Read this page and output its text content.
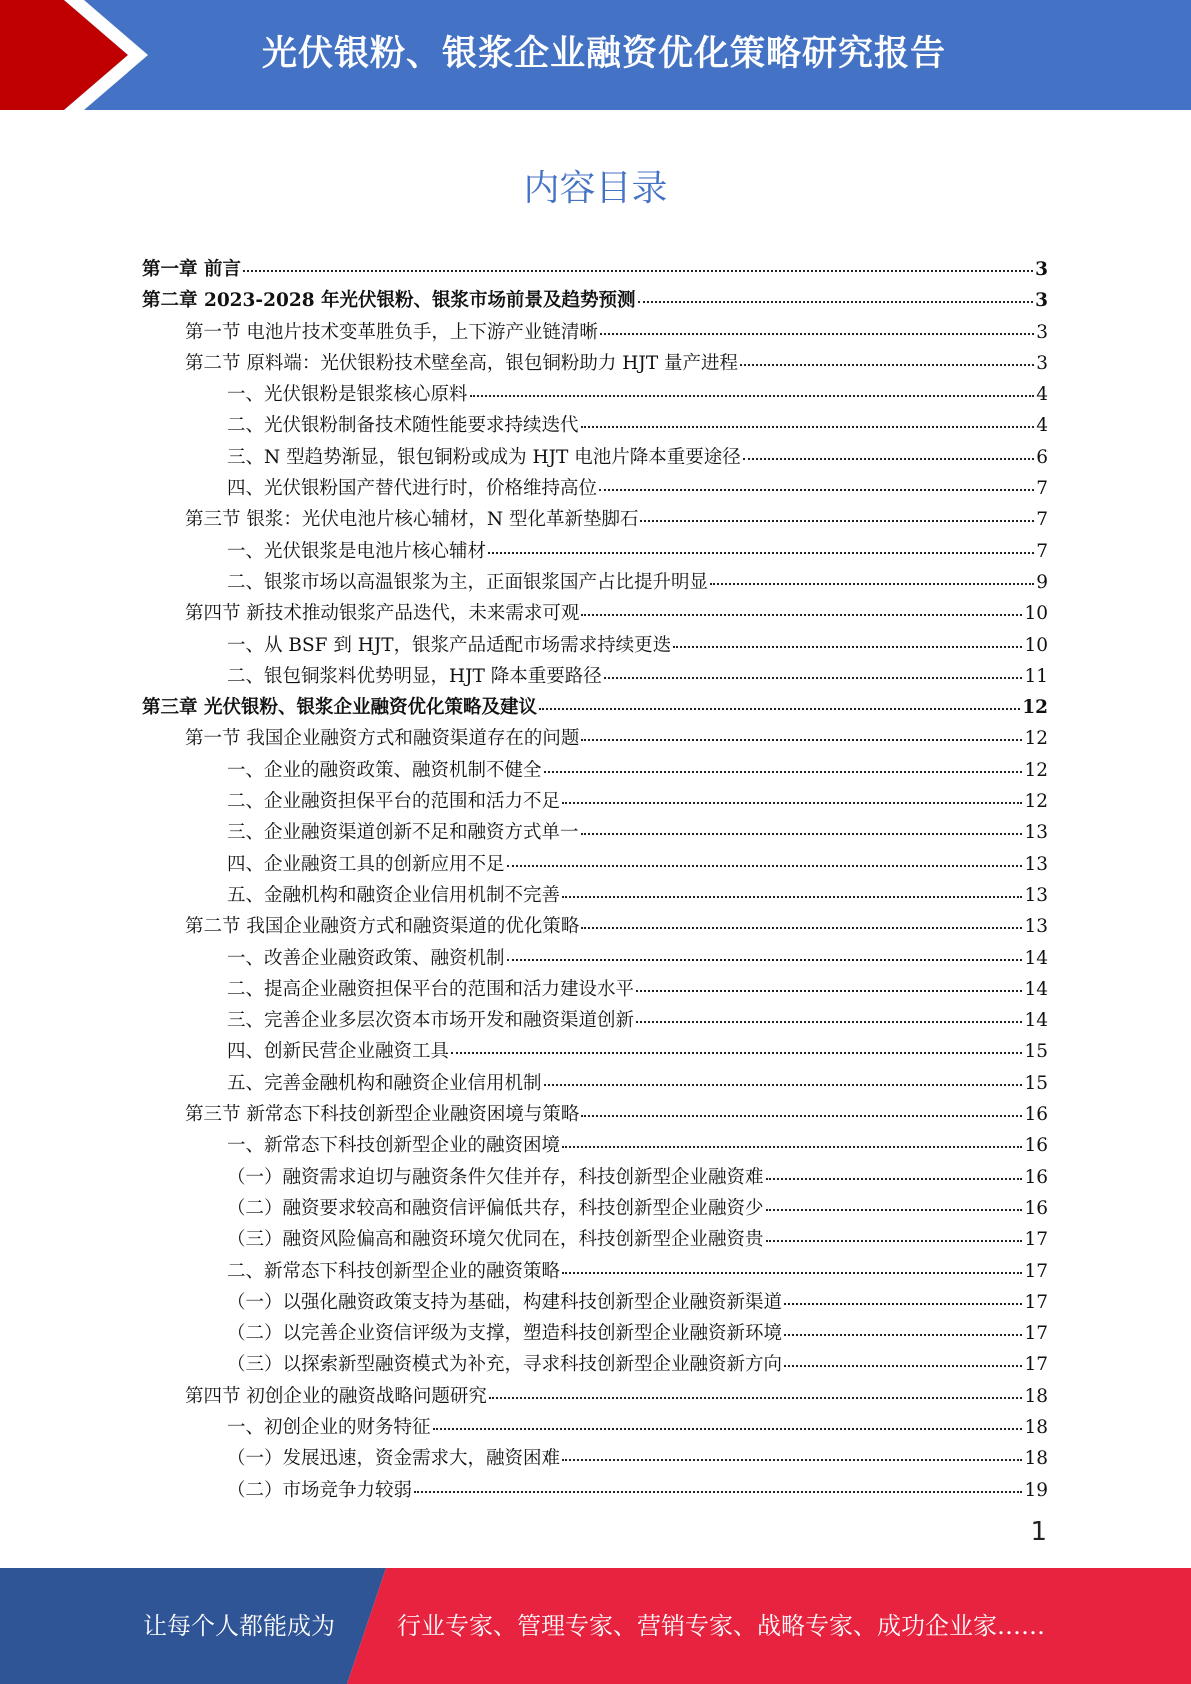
光伏银粉、银浆企业融资优化策略研究报告
内容目录
第一章 前言	3
第二章 2023-2028 年光伏银粉、银浆市场前景及趋势预测	3
第一节 电池片技术变革胜负手，上下游产业链清晰	3
第二节 原料端：光伏银粉技术壁垒高，银包铜粉助力 HJT 量产进程	3
一、光伏银粉是银浆核心原料	4
二、光伏银粉制备技术随性能要求持续迭代	4
三、N 型趋势渐显，银包铜粉或成为 HJT 电池片降本重要途径	6
四、光伏银粉国产替代进行时，价格维持高位	7
第三节 银浆：光伏电池片核心辅材，N 型化革新垫脚石	7
一、光伏银浆是电池片核心辅材	7
二、银浆市场以高温银浆为主，正面银浆国产占比提升明显	9
第四节 新技术推动银浆产品迭代，未来需求可观	10
一、从 BSF 到 HJT，银浆产品适配市场需求持续更迭	10
二、银包铜浆料优势明显，HJT 降本重要路径	11
第三章 光伏银粉、银浆企业融资优化策略及建议	12
第一节 我国企业融资方式和融资渠道存在的问题	12
一、企业的融资政策、融资机制不健全	12
二、企业融资担保平台的范围和活力不足	12
三、企业融资渠道创新不足和融资方式单一	13
四、企业融资工具的创新应用不足	13
五、金融机构和融资企业信用机制不完善	13
第二节 我国企业融资方式和融资渠道的优化策略	13
一、改善企业融资政策、融资机制	14
二、提高企业融资担保平台的范围和活力建设水平	14
三、完善企业多层次资本市场开发和融资渠道创新	14
四、创新民营企业融资工具	15
五、完善金融机构和融资企业信用机制	15
第三节 新常态下科技创新型企业融资困境与策略	16
一、新常态下科技创新型企业的融资困境	16
（一）融资需求迫切与融资条件欠佳并存，科技创新型企业融资难	16
（二）融资要求较高和融资信评偏低共存，科技创新型企业融资少	16
（三）融资风险偏高和融资环境欠优同在，科技创新型企业融资贵	17
二、新常态下科技创新型企业的融资策略	17
（一）以强化融资政策支持为基础，构建科技创新型企业融资新渠道	17
（二）以完善企业资信评级为支撑，塑造科技创新型企业融资新环境	17
（三）以探索新型融资模式为补充，寻求科技创新型企业融资新方向	17
第四节 初创企业的融资战略问题研究	18
一、初创企业的财务特征	18
（一）发展迅速，资金需求大，融资困难	18
（二）市场竞争力较弱	19
1
让每个人都能成为	行业专家、管理专家、营销专家、战略专家、成功企业家……
